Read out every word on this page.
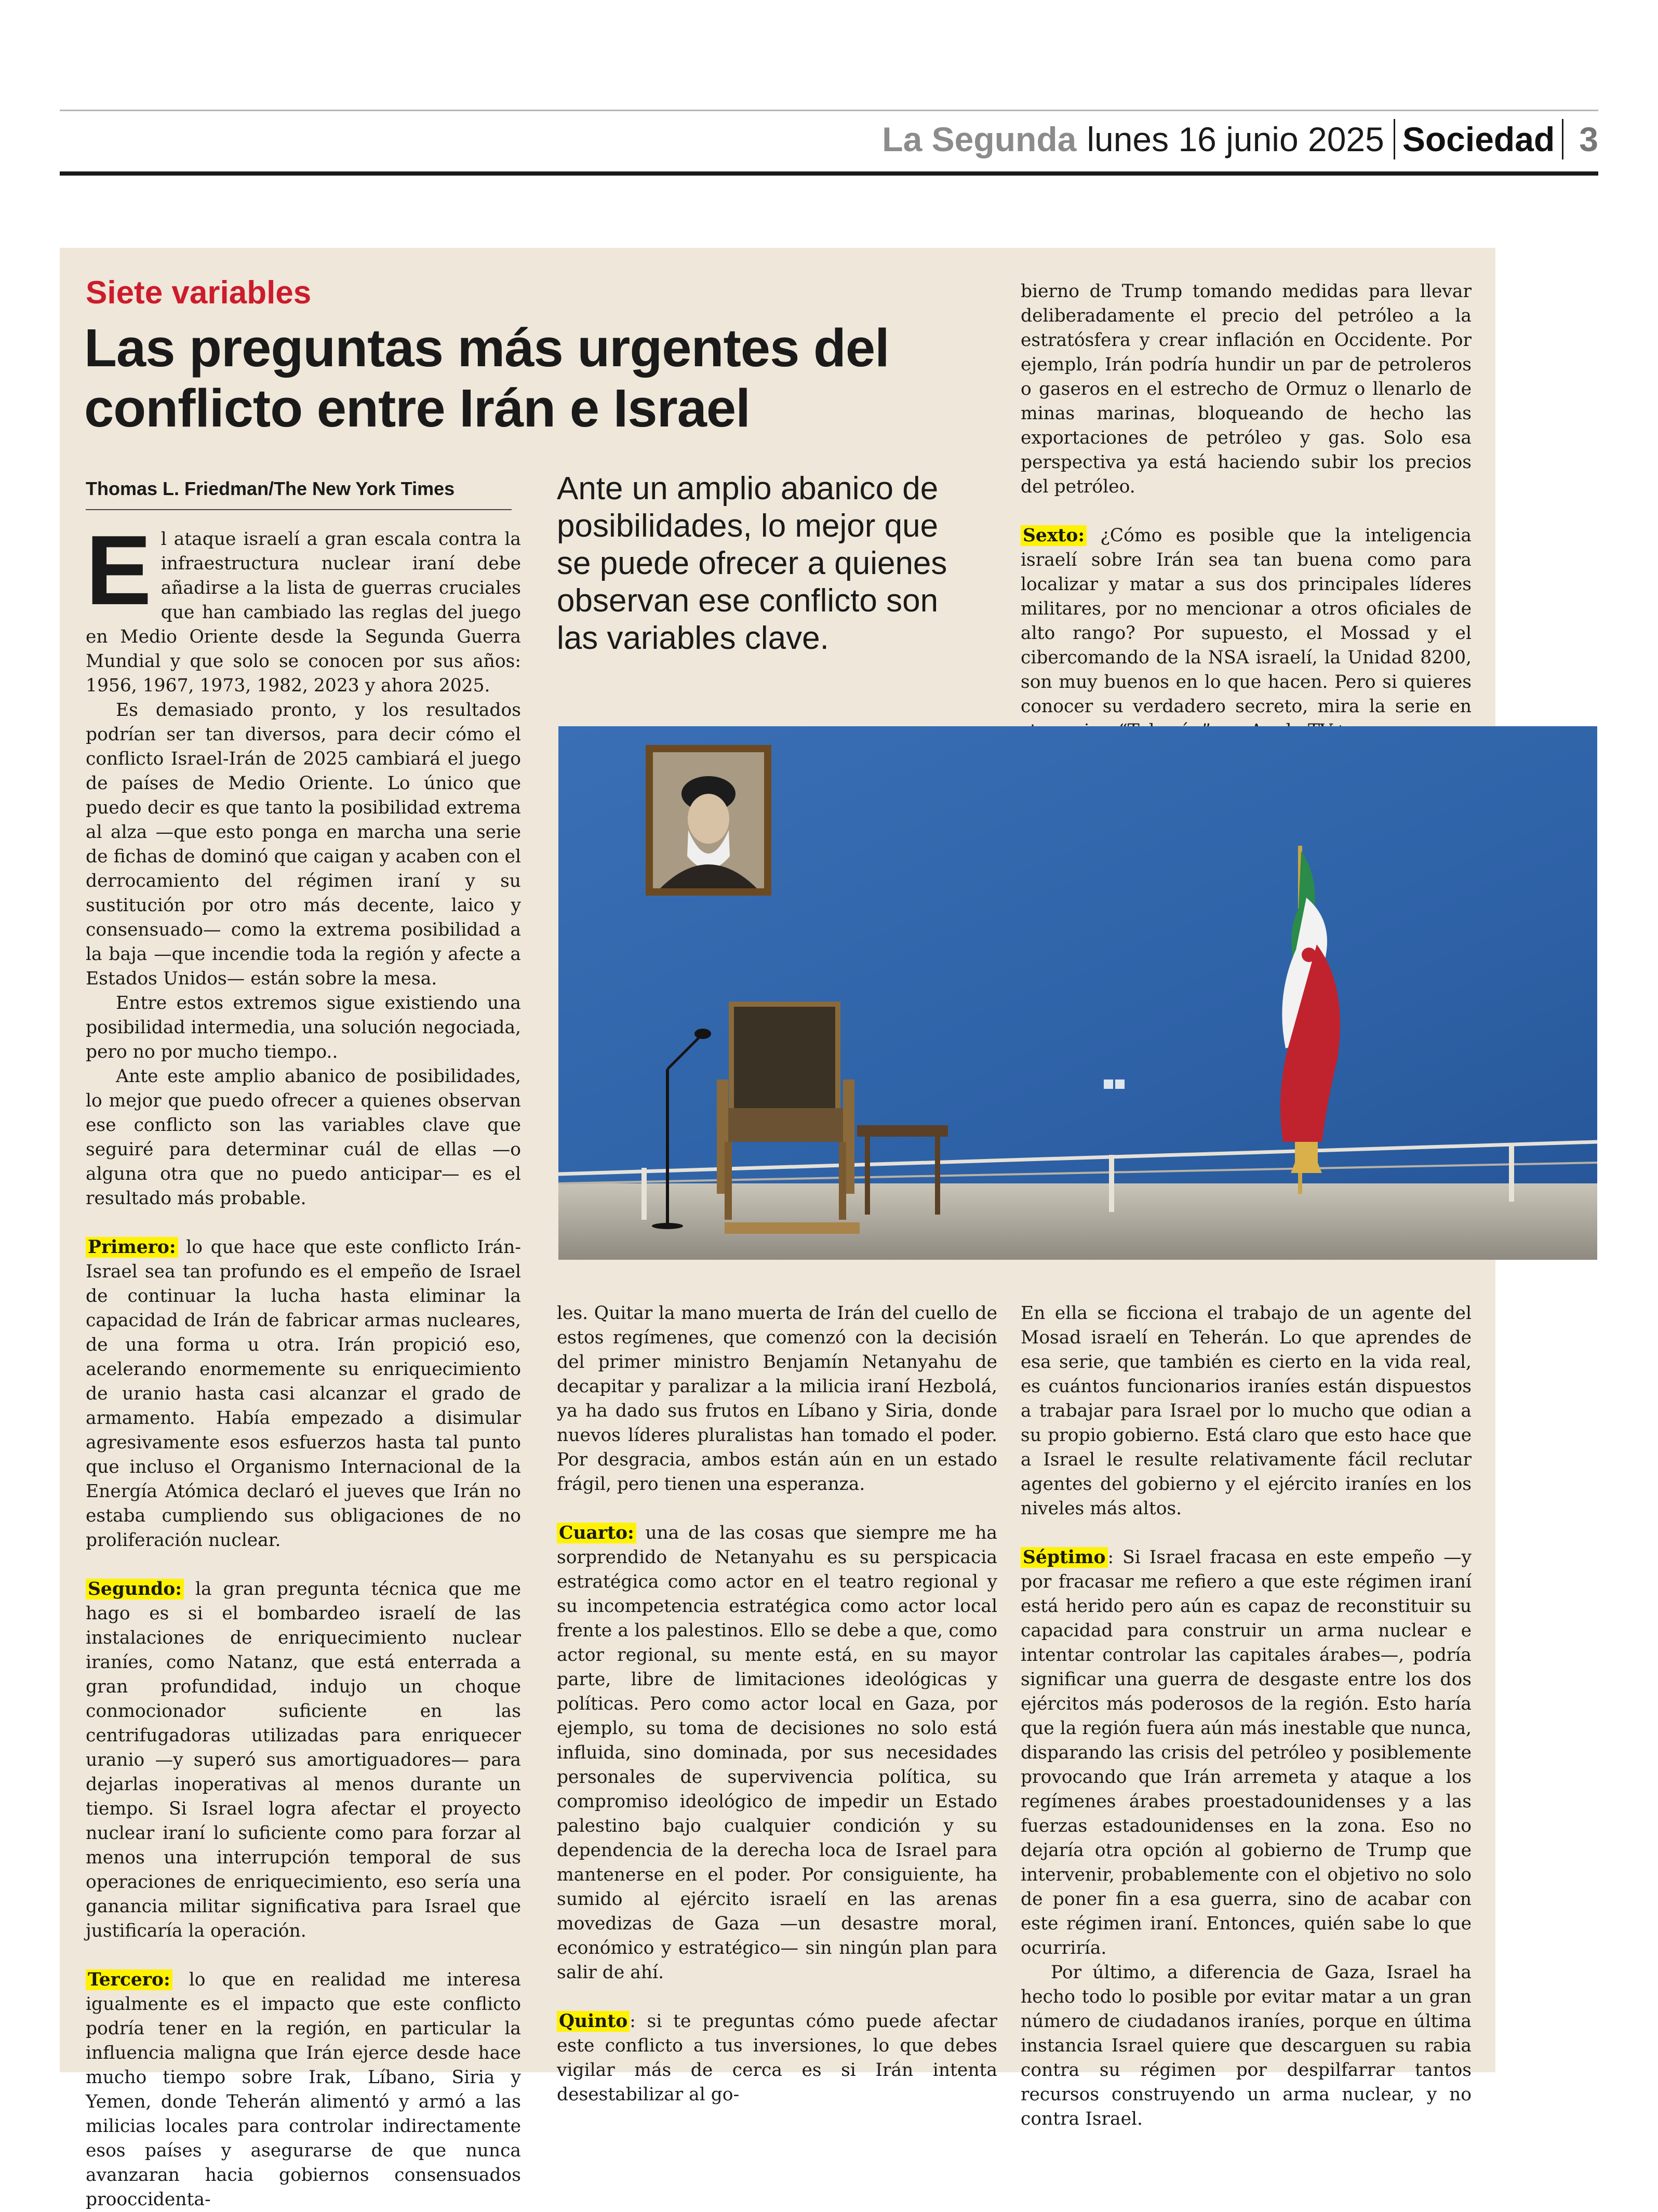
La Segunda lunes 16 junio 2025 Sociedad 3
Siete variables
Las preguntas más urgentes del conflicto entre Irán e Israel
Thomas L. Friedman/The New York Times

El ataque israelí a gran escala contra la infraestructura nuclear iraní debe añadirse a la lista de guerras cruciales que han cambiado las reglas del juego en Medio Oriente desde la Segunda Guerra Mundial y que solo se conocen por sus años: 1956, 1967, 1973, 1982, 2023 y ahora 2025.

Es demasiado pronto, y los resultados podrían ser tan diversos, para decir cómo el conflicto Israel-Irán de 2025 cambiará el juego de países de Medio Oriente. Lo único que puedo decir es que tanto la posibilidad extrema al alza —que esto ponga en marcha una serie de fichas de dominó que caigan y acaben con el derrocamiento del régimen iraní y su sustitución por otro más decente, laico y consensuado— como la extrema posibilidad a la baja —que incendie toda la región y afecte a Estados Unidos— están sobre la mesa.

Entre estos extremos sigue existiendo una posibilidad intermedia, una solución negociada, pero no por mucho tiempo..

Ante este amplio abanico de posibilidades, lo mejor que puedo ofrecer a quienes observan ese conflicto son las variables clave que seguiré para determinar cuál de ellas —o alguna otra que no puedo anticipar— es el resultado más probable.

Primero: lo que hace que este conflicto Irán-Israel sea tan profundo es el empeño de Israel de continuar la lucha hasta eliminar la capacidad de Irán de fabricar armas nucleares, de una forma u otra. Irán propició eso, acelerando enormemente su enriquecimiento de uranio hasta casi alcanzar el grado de armamento. Había empezado a disimular agresivamente esos esfuerzos hasta tal punto que incluso el Organismo Internacional de la Energía Atómica declaró el jueves que Irán no estaba cumpliendo sus obligaciones de no proliferación nuclear.

Segundo: la gran pregunta técnica que me hago es si el bombardeo israelí de las instalaciones de enriquecimiento nuclear iraníes, como Natanz, que está enterrada a gran profundidad, indujo un choque conmocionador suficiente en las centrifugadoras utilizadas para enriquecer uranio —y superó sus amortiguadores— para dejarlas inoperativas al menos durante un tiempo. Si Israel logra afectar el proyecto nuclear iraní lo suficiente como para forzar al menos una interrupción temporal de sus operaciones de enriquecimiento, eso sería una ganancia militar significativa para Israel que justificaría la operación.

Tercero: lo que en realidad me interesa igualmente es el impacto que este conflicto podría tener en la región, en particular la influencia maligna que Irán ejerce desde hace mucho tiempo sobre Irak, Líbano, Siria y Yemen, donde Teherán alimentó y armó a las milicias locales para controlar indirectamente esos países y asegurarse de que nunca avanzaran hacia gobiernos consensuados prooccidenta-

Ante un amplio abanico de posibilidades, lo mejor que se puede ofrecer a quienes observan ese conflicto son las variables clave.

bierno de Trump tomando medidas para llevar deliberadamente el precio del petróleo a la estratósfera y crear inflación en Occidente. Por ejemplo, Irán podría hundir un par de petroleros o gaseros en el estrecho de Ormuz o llenarlo de minas marinas, bloqueando de hecho las exportaciones de petróleo y gas. Solo esa perspectiva ya está haciendo subir los precios del petróleo.

Sexto: ¿Cómo es posible que la inteligencia israelí sobre Irán sea tan buena como para localizar y matar a sus dos principales líderes militares, por no mencionar a otros oficiales de alto rango? Por supuesto, el Mossad y el cibercomando de la NSA israelí, la Unidad 8200, son muy buenos en lo que hacen. Pero si quieres conocer su verdadero secreto, mira la serie en

les. Quitar la mano muerta de Irán del cuello de estos regímenes, que comenzó con la decisión del primer ministro Benjamín Netanyahu de decapitar y paralizar a la milicia iraní Hezbolá, ya ha dado sus frutos en Líbano y Siria, donde nuevos líderes pluralistas han tomado el poder. Por desgracia, ambos están aún en un estado frágil, pero tienen una esperanza.

Cuarto: una de las cosas que siempre me ha sorprendido de Netanyahu es su perspicacia estratégica como actor en el teatro regional y su incompetencia estratégica como actor local frente a los palestinos. Ello se debe a que, como actor regional, su mente está, en su mayor parte, libre de limitaciones ideológicas y políticas. Pero como actor local en Gaza, por ejemplo, su toma de decisiones no solo está influida, sino dominada, por sus necesidades personales de supervivencia política, su compromiso ideológico de impedir un Estado palestino bajo cualquier condición y su dependencia de la derecha loca de Israel para mantenerse en el poder. Por consiguiente, ha sumido al ejército israelí en las arenas movedizas de Gaza —un desastre moral, económico y estratégico— sin ningún plan para salir de ahí.

Quinto : si te preguntas cómo puede afectar este conflicto a tus inversiones, lo que debes vigilar más de cerca es si Irán intenta desestabilizar al go-

En ella se ficciona el trabajo de un agente del Mosad israelí en Teherán. Lo que aprendes de esa serie, que también es cierto en la vida real, es cuántos funcionarios iraníes están dispuestos a trabajar para Israel por lo mucho que odian a su propio gobierno. Está claro que esto hace que a Israel le resulte relativamente fácil reclutar agentes del gobierno y el ejército iraníes en los niveles más altos.

Séptimo : Si Israel fracasa en este empeño —y por fracasar me refiero a que este régimen iraní está herido pero aún es capaz de reconstituir su capacidad para construir un arma nuclear e intentar controlar las capitales árabes—, podría significar una guerra de desgaste entre los dos ejércitos más poderosos de la región. Esto haría que la región fuera aún más inestable que nunca, disparando las crisis del petróleo y posiblemente provocando que Irán arremeta y ataque a los regímenes árabes proestadounidenses y a las fuerzas estadounidenses en la zona. Eso no dejaría otra opción al gobierno de Trump que intervenir, probablemente con el objetivo no solo de poner fin a esa guerra, sino de acabar con este régimen iraní. Entonces, quién sabe lo que ocurriría.

Por último, a diferencia de Gaza, Israel ha hecho todo lo posible por evitar matar a un gran número de ciudadanos iraníes, porque en última instancia Israel quiere que descarguen su rabia contra su régimen por despilfarrar tantos recursos construyendo un arma nuclear, y no contra Israel.
